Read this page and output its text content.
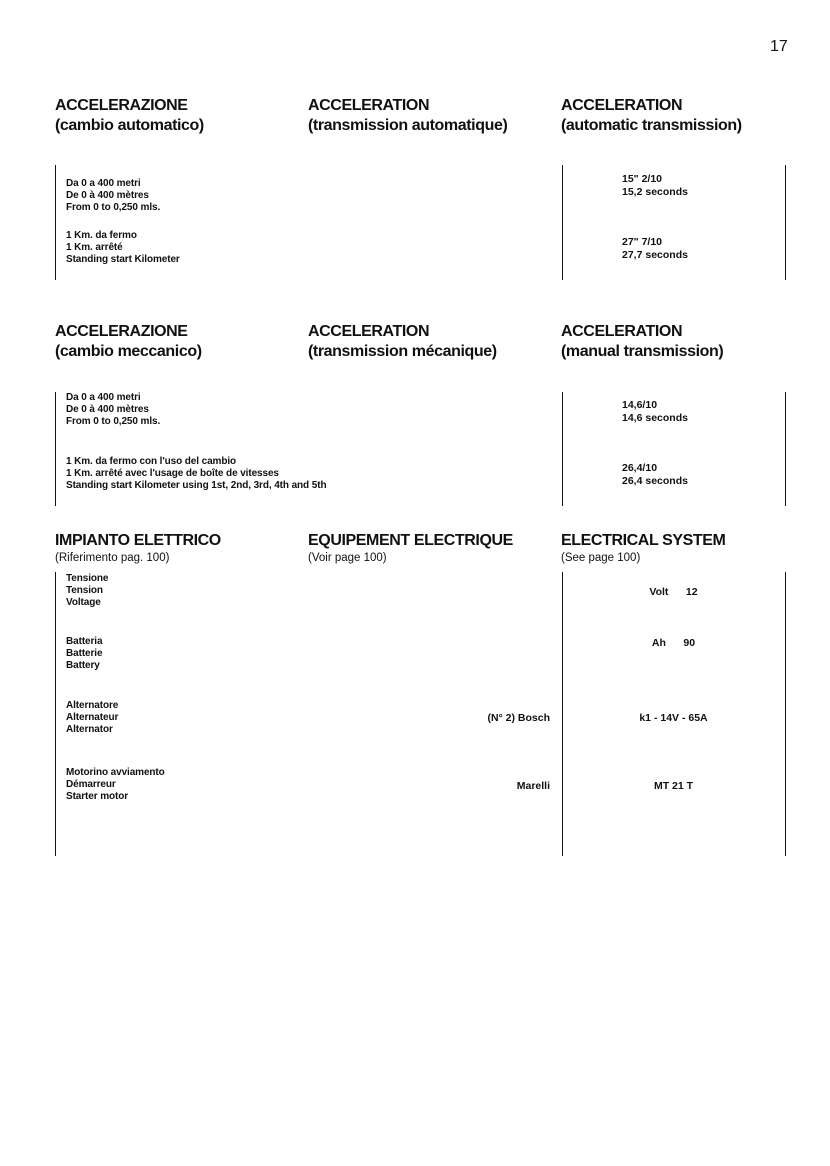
17
ACCELERAZIONE
(cambio automatico)
ACCELERATION
(transmission automatique)
ACCELERATION
(automatic transmission)
Da 0 a 400 metri
De 0 à 400 mètres
From 0 to 0,250 mls.
15" 2/10
15,2 seconds
1 Km. da fermo
1 Km. arrêté
Standing start Kilometer
27" 7/10
27,7 seconds
ACCELERAZIONE
(cambio meccanico)
ACCELERATION
(transmission mécanique)
ACCELERATION
(manual transmission)
Da 0 a 400 metri
De 0 à 400 mètres
From 0 to 0,250 mls.
14,6/10
14,6 seconds
1 Km. da fermo con l'uso del cambio
1 Km. arrêté avec l'usage de boîte de vitesses
Standing start Kilometer using 1st, 2nd, 3rd, 4th and 5th
26,4/10
26,4 seconds
IMPIANTO ELETTRICO
(Riferimento pag. 100)
EQUIPEMENT ELECTRIQUE
(Voir page 100)
ELECTRICAL SYSTEM
(See page 100)
Tensione
Tension
Voltage
Volt      12
Batteria
Batterie
Battery
Ah      90
Alternatore
Alternateur
Alternator
(N° 2) Bosch	k1 - 14V - 65A
Motorino avviamento
Démarreur
Starter motor
Marelli	MT 21 T
